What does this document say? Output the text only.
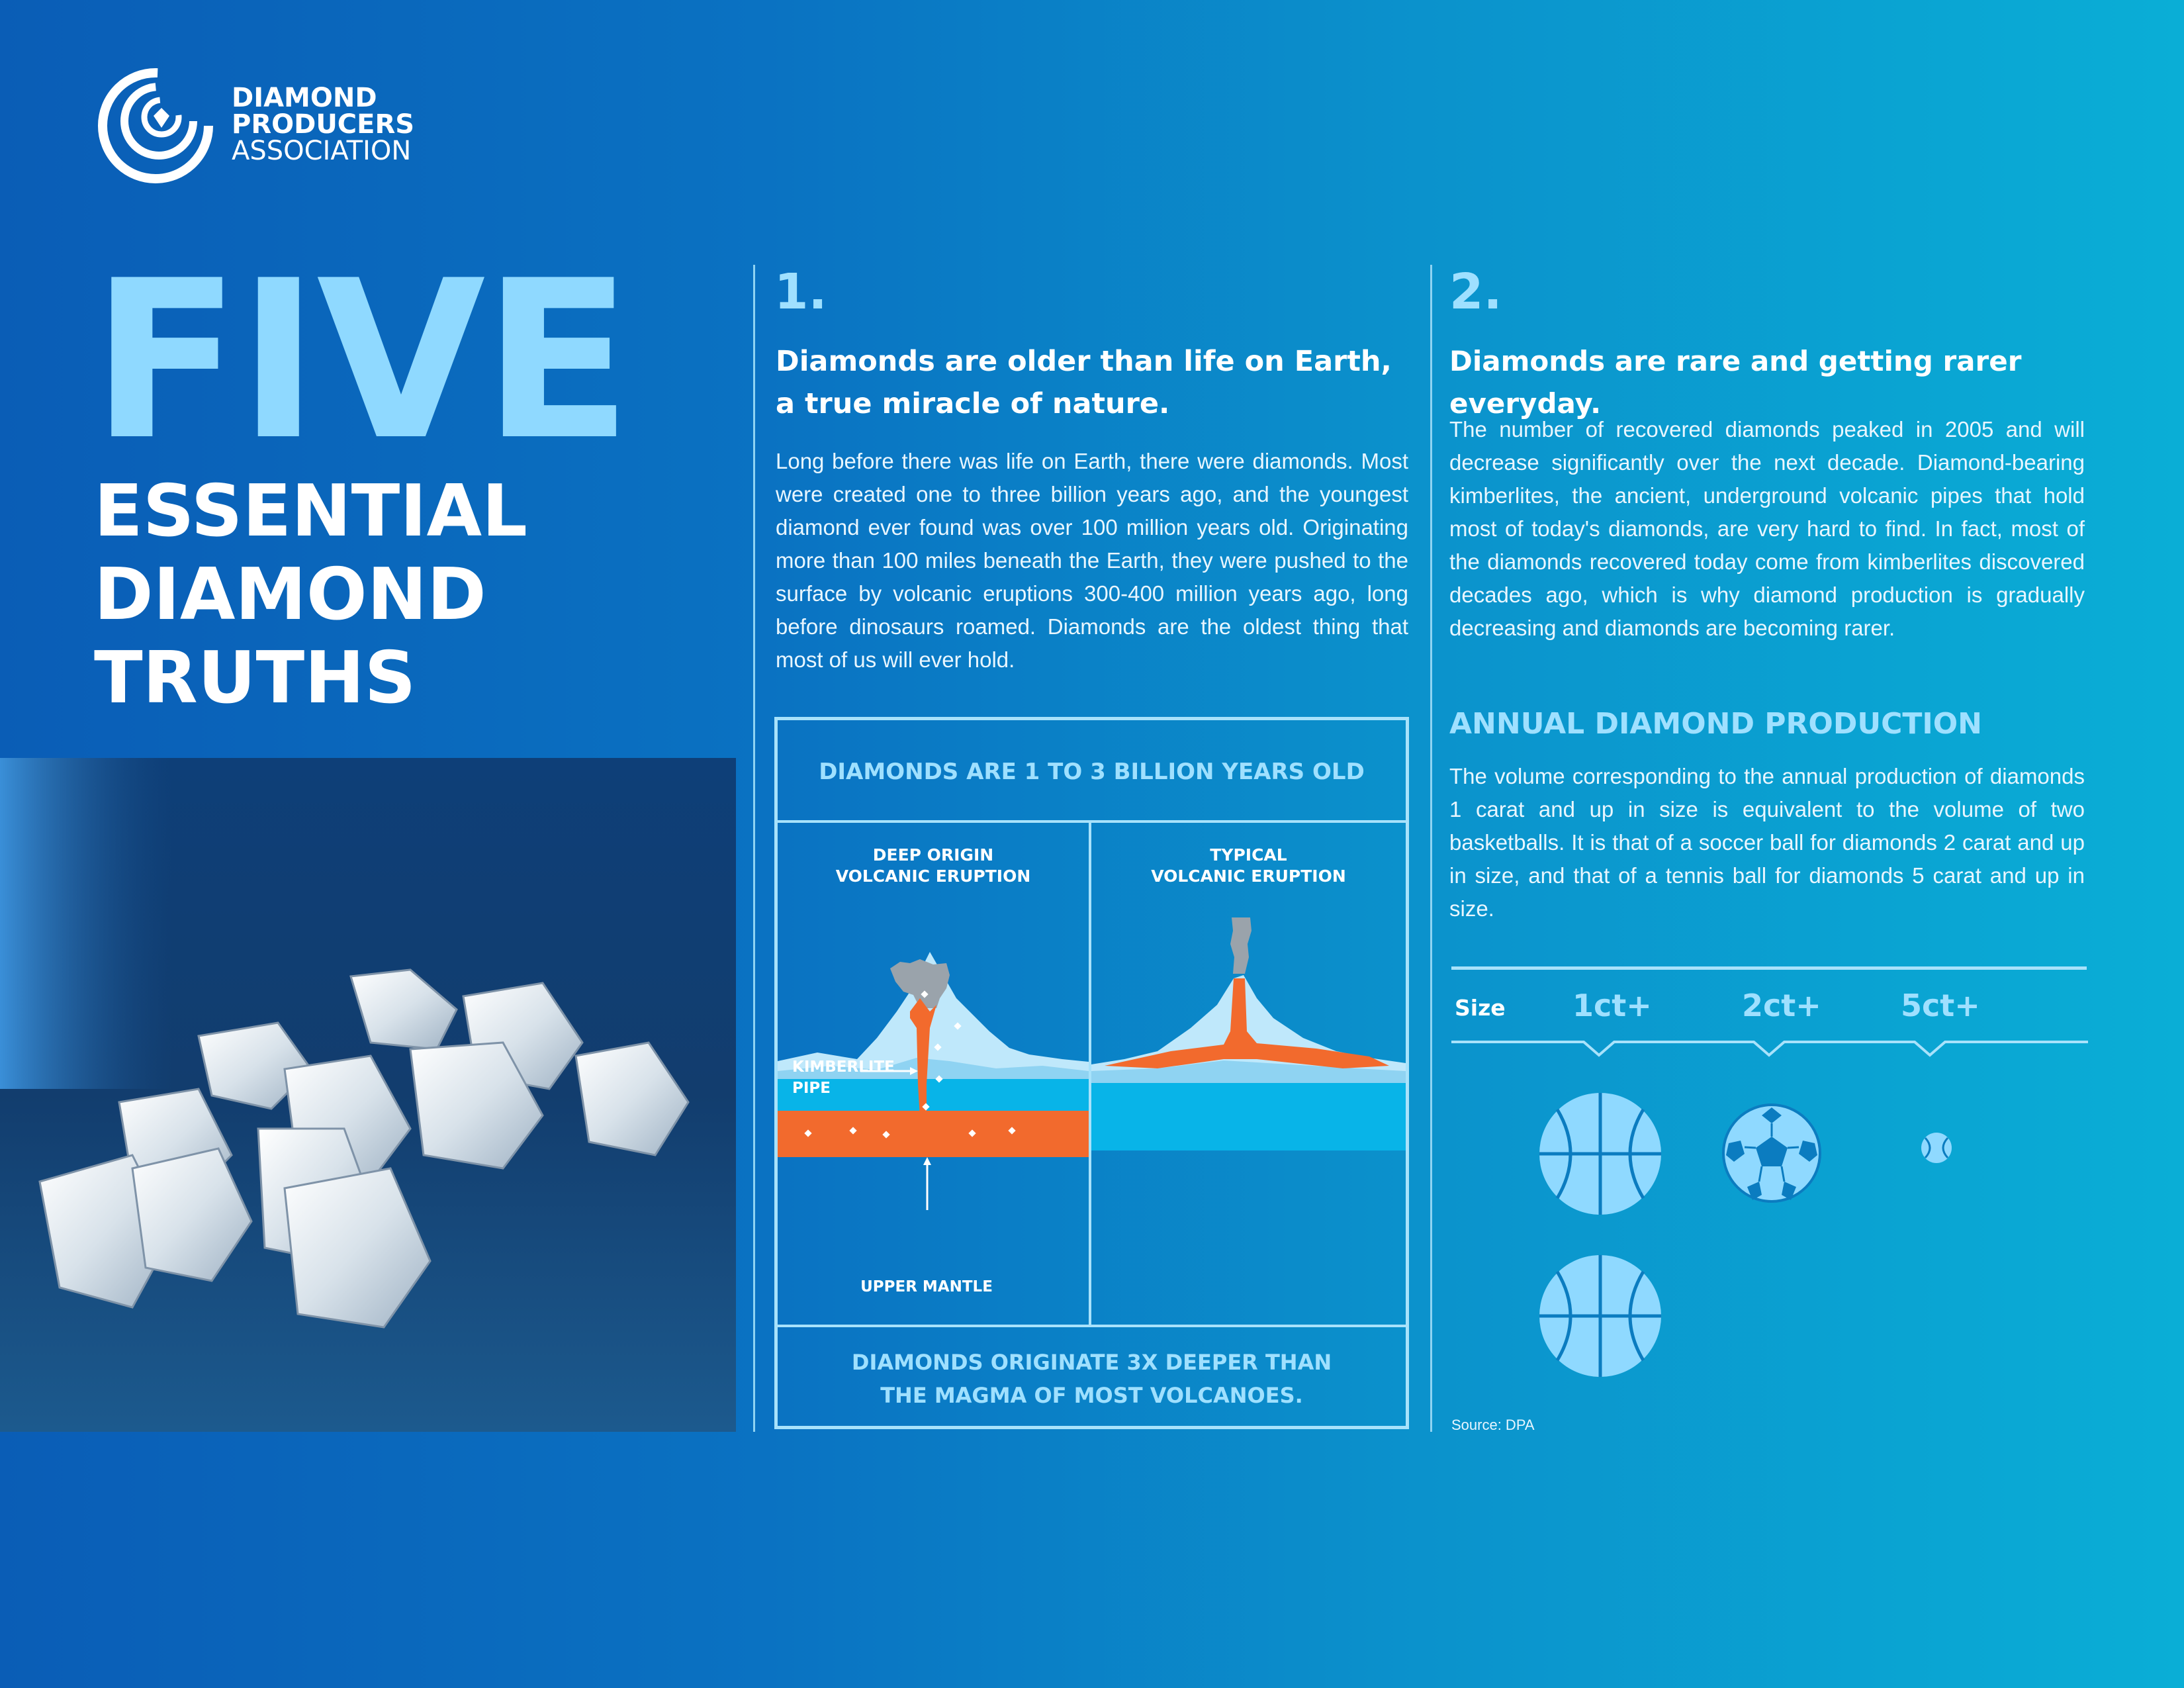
DIAMOND
PRODUCERS
ASSOCIATION
FIVE
ESSENTIAL
DIAMOND
TRUTHS
1.
Diamonds are older than life on Earth,
a true miracle of nature.
Long before there was life on Earth, there were diamonds. Most were created one to three billion years ago, and the youngest diamond ever found was over 100 million years old. Originating more than 100 miles beneath the Earth, they were pushed to the surface by volcanic eruptions 300-400 million years ago, long before dinosaurs roamed. Diamonds are the oldest thing that most of us will ever hold.
DIAMONDS ARE 1 TO 3 BILLION YEARS OLD
DEEP ORIGIN
VOLCANIC ERUPTION
TYPICAL
VOLCANIC ERUPTION
KIMBERLITE
PIPE
UPPER MANTLE
DIAMONDS ORIGINATE 3X DEEPER THAN
THE MAGMA OF MOST VOLCANOES.
2.
Diamonds are rare and getting rarer everyday.
The number of recovered diamonds peaked in 2005 and will decrease significantly over the next decade. Diamond-bearing kimberlites, the ancient, underground volcanic pipes that hold most of today's diamonds, are very hard to find. In fact, most of the diamonds recovered today come from kimberlites discovered decades ago, which is why diamond production is gradually decreasing and diamonds are becoming rarer.
ANNUAL DIAMOND PRODUCTION
The volume corresponding to the annual production of diamonds 1 carat and up in size is equivalent to the volume of two basketballs. It is that of a soccer ball for diamonds 2 carat and up in size, and that of a tennis ball for diamonds 5 carat and up in size.
Size 1ct+	2ct+	5ct+
Source: DPA
